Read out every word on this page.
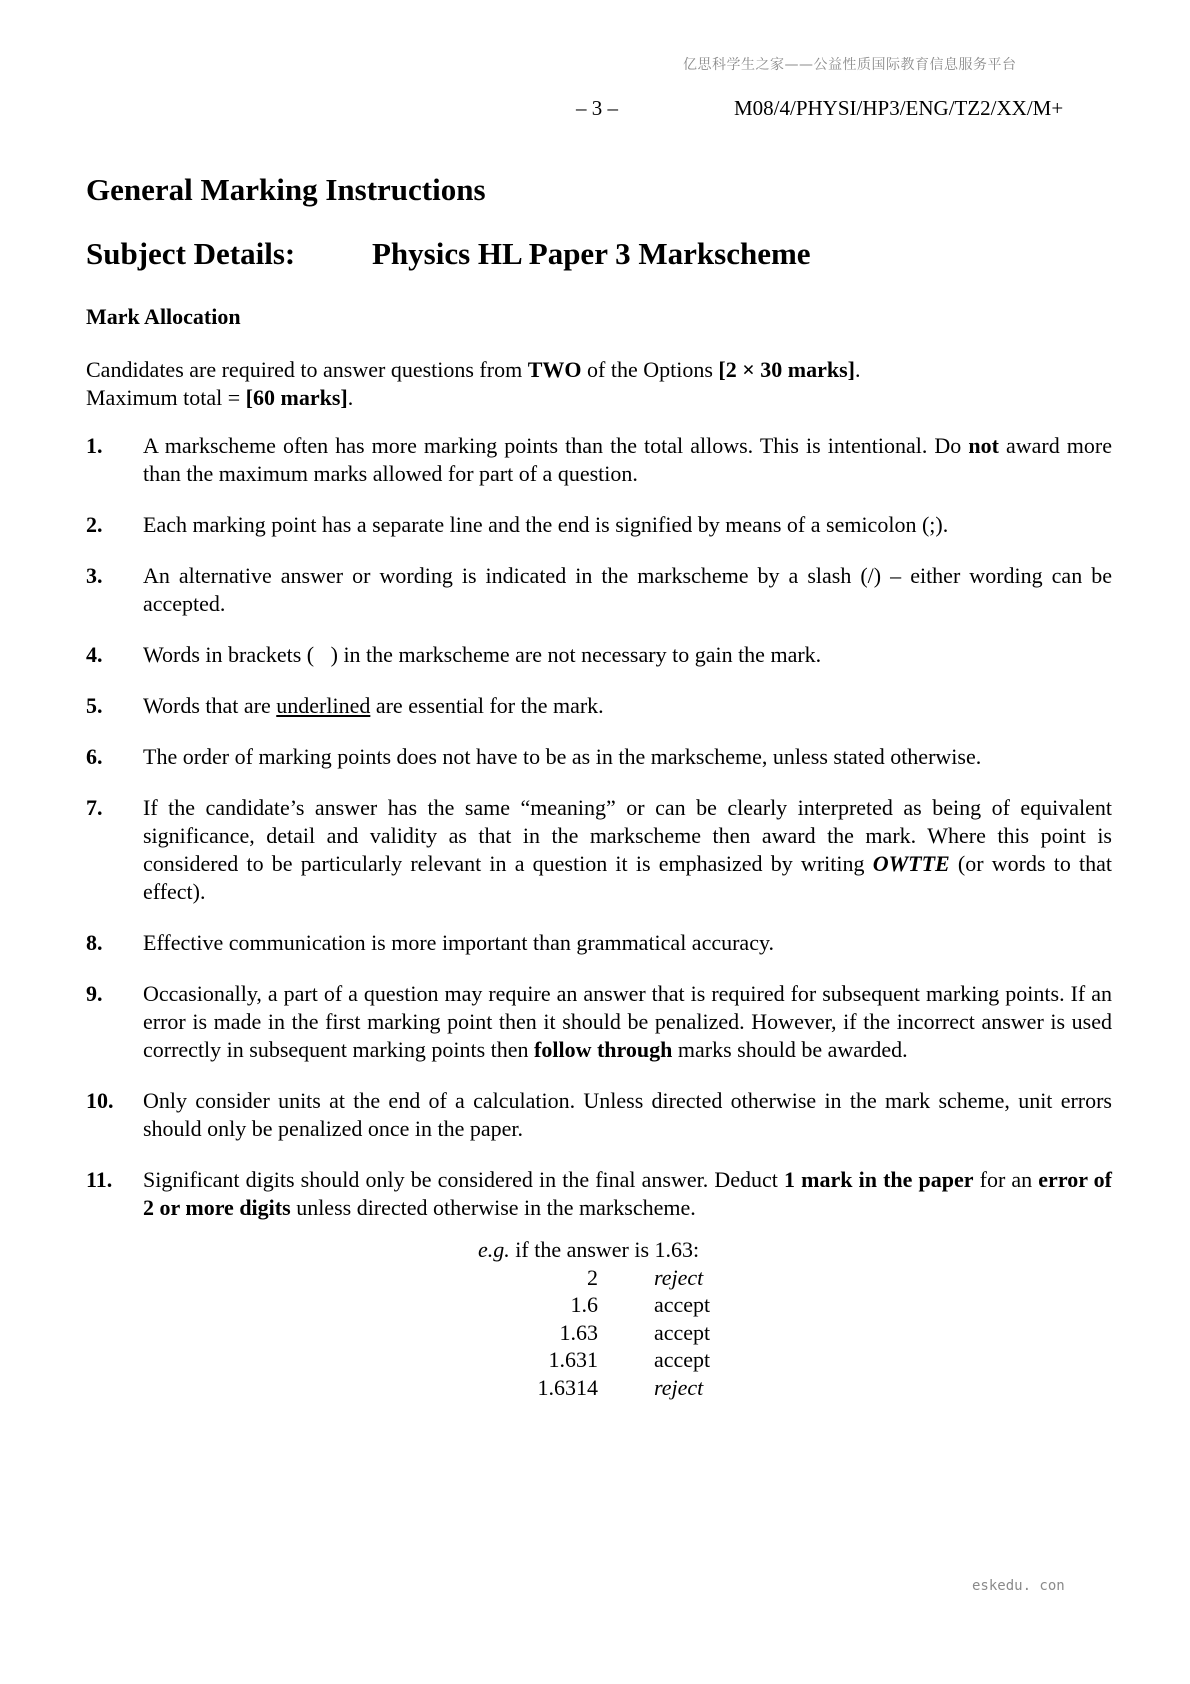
亿思科学生之家——公益性质国际教育信息服务平台
– 3 –	M08/4/PHYSI/HP3/ENG/TZ2/XX/M+
General Marking Instructions
Subject Details:	Physics HL Paper 3 Markscheme
Mark Allocation

Candidates are required to answer questions from TWO of the Options [2 × 30 marks].

Maximum total = [60 marks].

1.	A markscheme often has more marking points than the total allows. This is intentional. Do not award more than the maximum marks allowed for part of a question.
2.	Each marking point has a separate line and the end is signified by means of a semicolon (;).
3.	An alternative answer or wording is indicated in the markscheme by a slash (/) – either wording can be accepted.
4.	Words in brackets (   ) in the markscheme are not necessary to gain the mark.
5.	Words that are underlined are essential for the mark.
6.	The order of marking points does not have to be as in the markscheme, unless stated otherwise.
7.	If the candidate’s answer has the same “meaning” or can be clearly interpreted as being of equivalent significance, detail and validity as that in the markscheme then award the mark. Where this point is considered to be particularly relevant in a question it is emphasized by writing OWTTE (or words to that effect).
8.	Effective communication is more important than grammatical accuracy.
9.	Occasionally, a part of a question may require an answer that is required for subsequent marking points. If an error is made in the first marking point then it should be penalized. However, if the incorrect answer is used correctly in subsequent marking points then follow through marks should be awarded.
10.	Only consider units at the end of a calculation. Unless directed otherwise in the mark scheme, unit errors should only be penalized once in the paper.
11.	Significant digits should only be considered in the final answer. Deduct 1 mark in the paper for an error of 2 or more digits unless directed otherwise in the markscheme.
e.g. if the answer is 1.63:
2	reject
1.6	accept
1.63	accept
1.631	accept
1.6314	reject
eskedu. con
